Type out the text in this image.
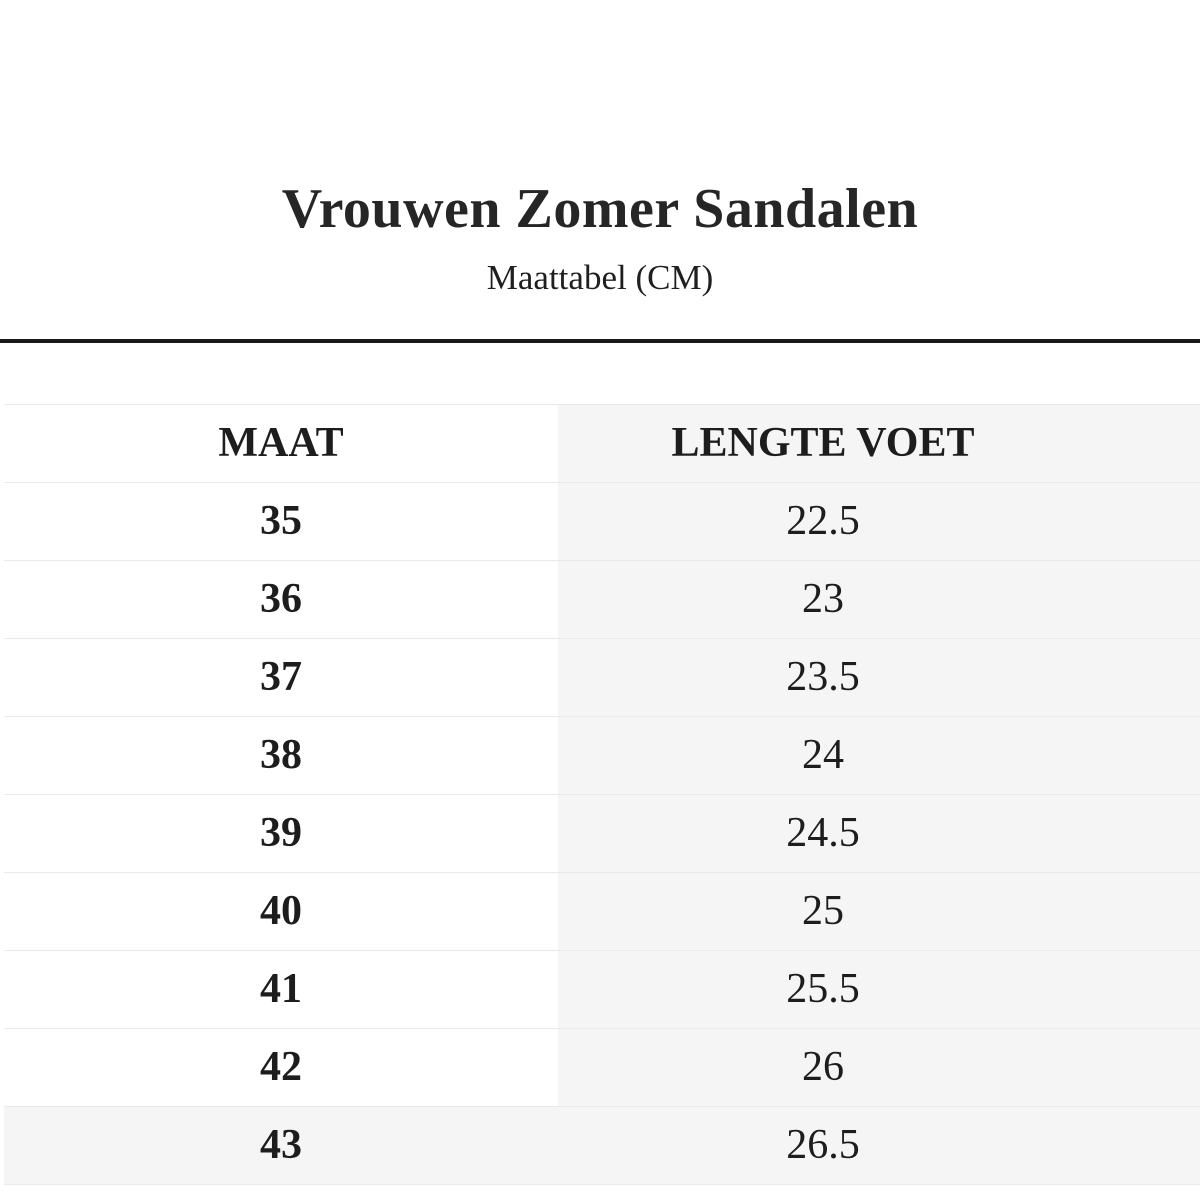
Vrouwen Zomer Sandalen
Maattabel (CM)
MAAT	LENGTE VOET
35	22.5
36	23
37	23.5
38	24
39	24.5
40	25
41	25.5
42	26
43	26.5
